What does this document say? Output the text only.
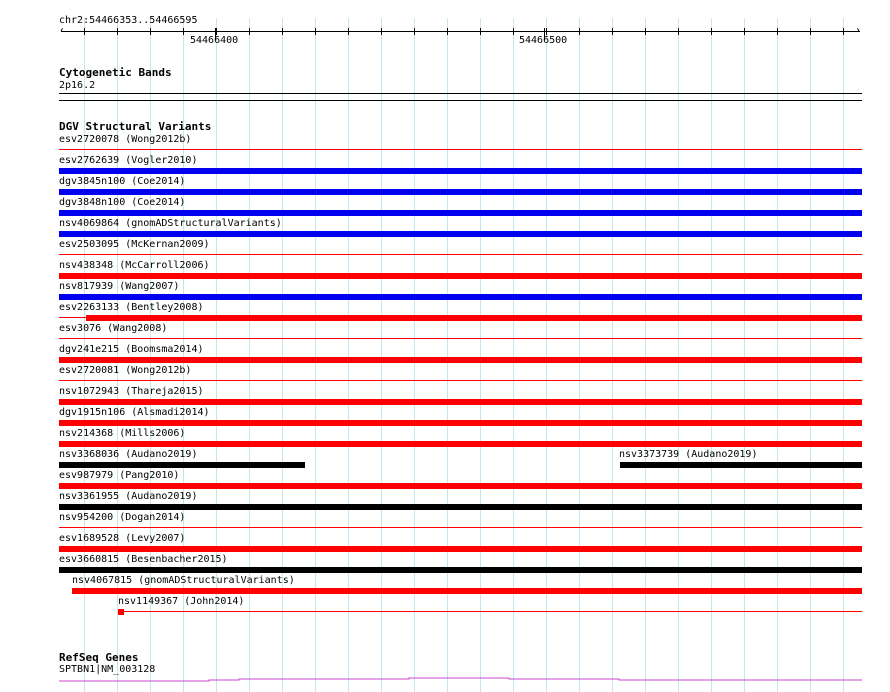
chr2:54466353..54466595
‹	›
54466400	54466500
Cytogenetic Bands
2p16.2
DGV Structural Variants
esv2720078 (Wong2012b)
esv2762639 (Vogler2010)
dgv3845n100 (Coe2014)
dgv3848n100 (Coe2014)
nsv4069864 (gnomADStructuralVariants)
esv2503095 (McKernan2009)
nsv438348 (McCarroll2006)
nsv817939 (Wang2007)
esv2263133 (Bentley2008)
esv3076 (Wang2008)
dgv241e215 (Boomsma2014)
esv2720081 (Wong2012b)
nsv1072943 (Thareja2015)
dgv1915n106 (Alsmadi2014)
nsv214368 (Mills2006)
nsv3368036 (Audano2019)	nsv3373739 (Audano2019)
esv987979 (Pang2010)
nsv3361955 (Audano2019)
nsv954200 (Dogan2014)
esv1689528 (Levy2007)
esv3660815 (Besenbacher2015)
nsv4067815 (gnomADStructuralVariants)
nsv1149367 (John2014)
RefSeq Genes
SPTBN1|NM_003128
